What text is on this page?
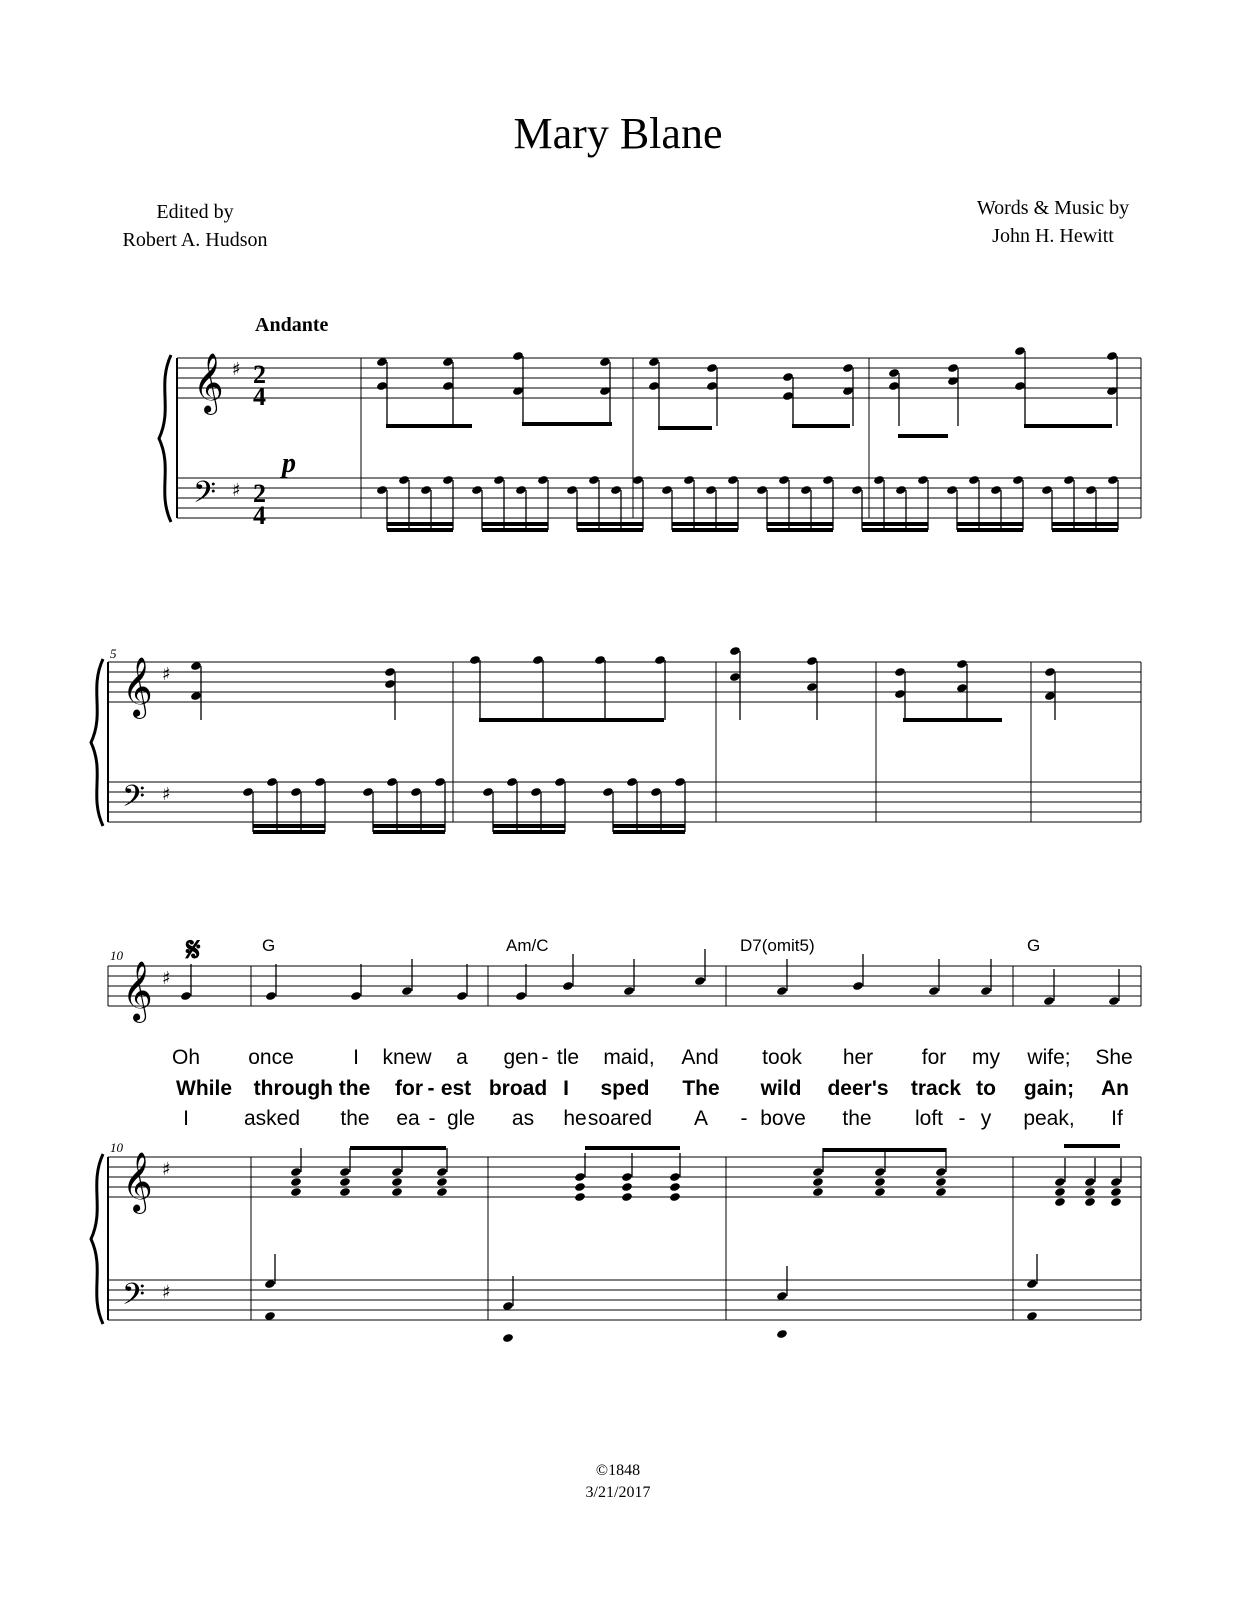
Mary Blane
Edited by
Robert A. Hudson
Words & Music by
John H. Hewitt
Andante
p
5
10
10
𝄋	G	Am/C	D7(omit5)	G
Oh	once	I	knew	a	gen - tle	maid,	And	took	her	for	my	wife;	She
While	through the	for - est broad I	sped	The	wild	deer's	track to	gain;	An
I	asked	the	ea - gle	as	he soared	A	- bove	the	loft - y	peak,	If
©1848
3/21/2017
𝄞
𝄢
♯
♯
𝄞
𝄢
♯
♯
𝄞
𝄞
𝄢
♯
♯
♯
2
4
2
4
